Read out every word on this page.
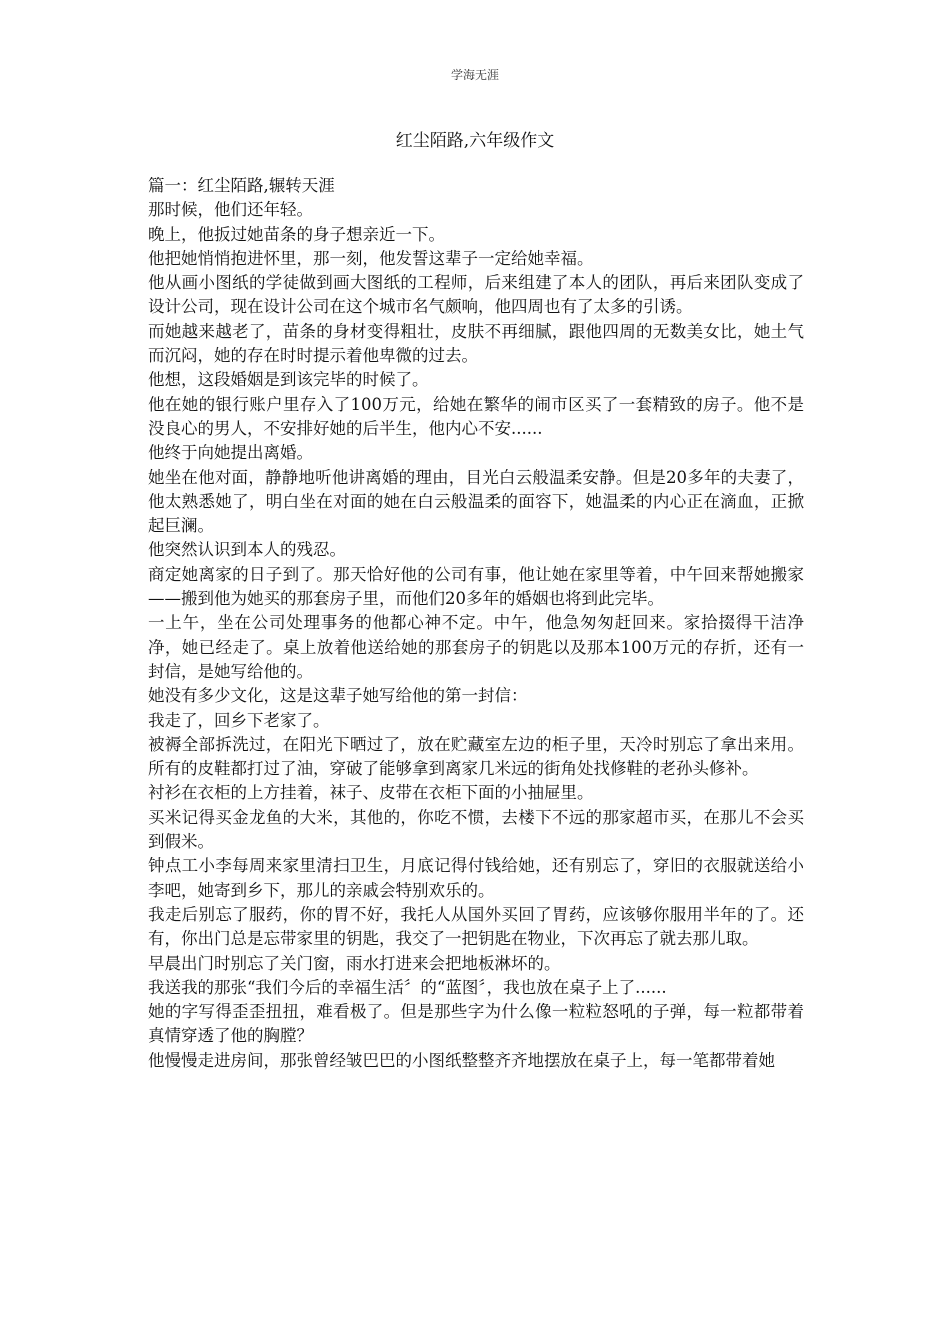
学海无涯
红尘陌路,六年级作文

篇一：红尘陌路,辗转天涯

那时候，他们还年轻。

晚上，他扳过她苗条的身子想亲近一下。

他把她悄悄抱进怀里，那一刻，他发誓这辈子一定给她幸福。

他从画小图纸的学徒做到画大图纸的工程师，后来组建了本人的团队，再后来团队变成了设计公司，现在设计公司在这个城市名气颇响，他四周也有了太多的引诱。

而她越来越老了，苗条的身材变得粗壮，皮肤不再细腻，跟他四周的无数美女比，她土气而沉闷，她的存在时时提示着他卑微的过去。

他想，这段婚姻是到该完毕的时候了。

他在她的银行账户里存入了100万元，给她在繁华的闹市区买了一套精致的房子。他不是没良心的男人，不安排好她的后半生，他内心不安......

他终于向她提出离婚。

她坐在他对面，静静地听他讲离婚的理由，目光白云般温柔安静。但是20多年的夫妻了，他太熟悉她了，明白坐在对面的她在白云般温柔的面容下，她温柔的内心正在滴血，正掀起巨澜。

他突然认识到本人的残忍。

商定她离家的日子到了。那天恰好他的公司有事，他让她在家里等着，中午回来帮她搬家——搬到他为她买的那套房子里，而他们20多年的婚姻也将到此完毕。

一上午，坐在公司处理事务的他都心神不定。中午，他急匆匆赶回来。家拾掇得干洁净净，她已经走了。桌上放着他送给她的那套房子的钥匙以及那本100万元的存折，还有一封信，是她写给他的。

她没有多少文化，这是这辈子她写给他的第一封信：

我走了，回乡下老家了。

被褥全部拆洗过，在阳光下晒过了，放在贮藏室左边的柜子里，天冷时别忘了拿出来用。所有的皮鞋都打过了油，穿破了能够拿到离家几米远的街角处找修鞋的老孙头修补。

衬衫在衣柜的上方挂着，袜子、皮带在衣柜下面的小抽屉里。

买米记得买金龙鱼的大米，其他的，你吃不惯，去楼下不远的那家超市买，在那儿不会买到假米。

钟点工小李每周来家里清扫卫生，月底记得付钱给她，还有别忘了，穿旧的衣服就送给小李吧，她寄到乡下，那儿的亲戚会特别欢乐的。

我走后别忘了服药，你的胃不好，我托人从国外买回了胃药，应该够你服用半年的了。还有，你出门总是忘带家里的钥匙，我交了一把钥匙在物业，下次再忘了就去那儿取。

早晨出门时别忘了关门窗，雨水打进来会把地板淋坏的。

我送我的那张“我们今后的幸福生活〞的“蓝图〞，我也放在桌子上了......

她的字写得歪歪扭扭，难看极了。但是那些字为什么像一粒粒怒吼的子弹，每一粒都带着真情穿透了他的胸膛？

他慢慢走进房间，那张曾经皱巴巴的小图纸整整齐齐地摆放在桌子上，每一笔都带着她
